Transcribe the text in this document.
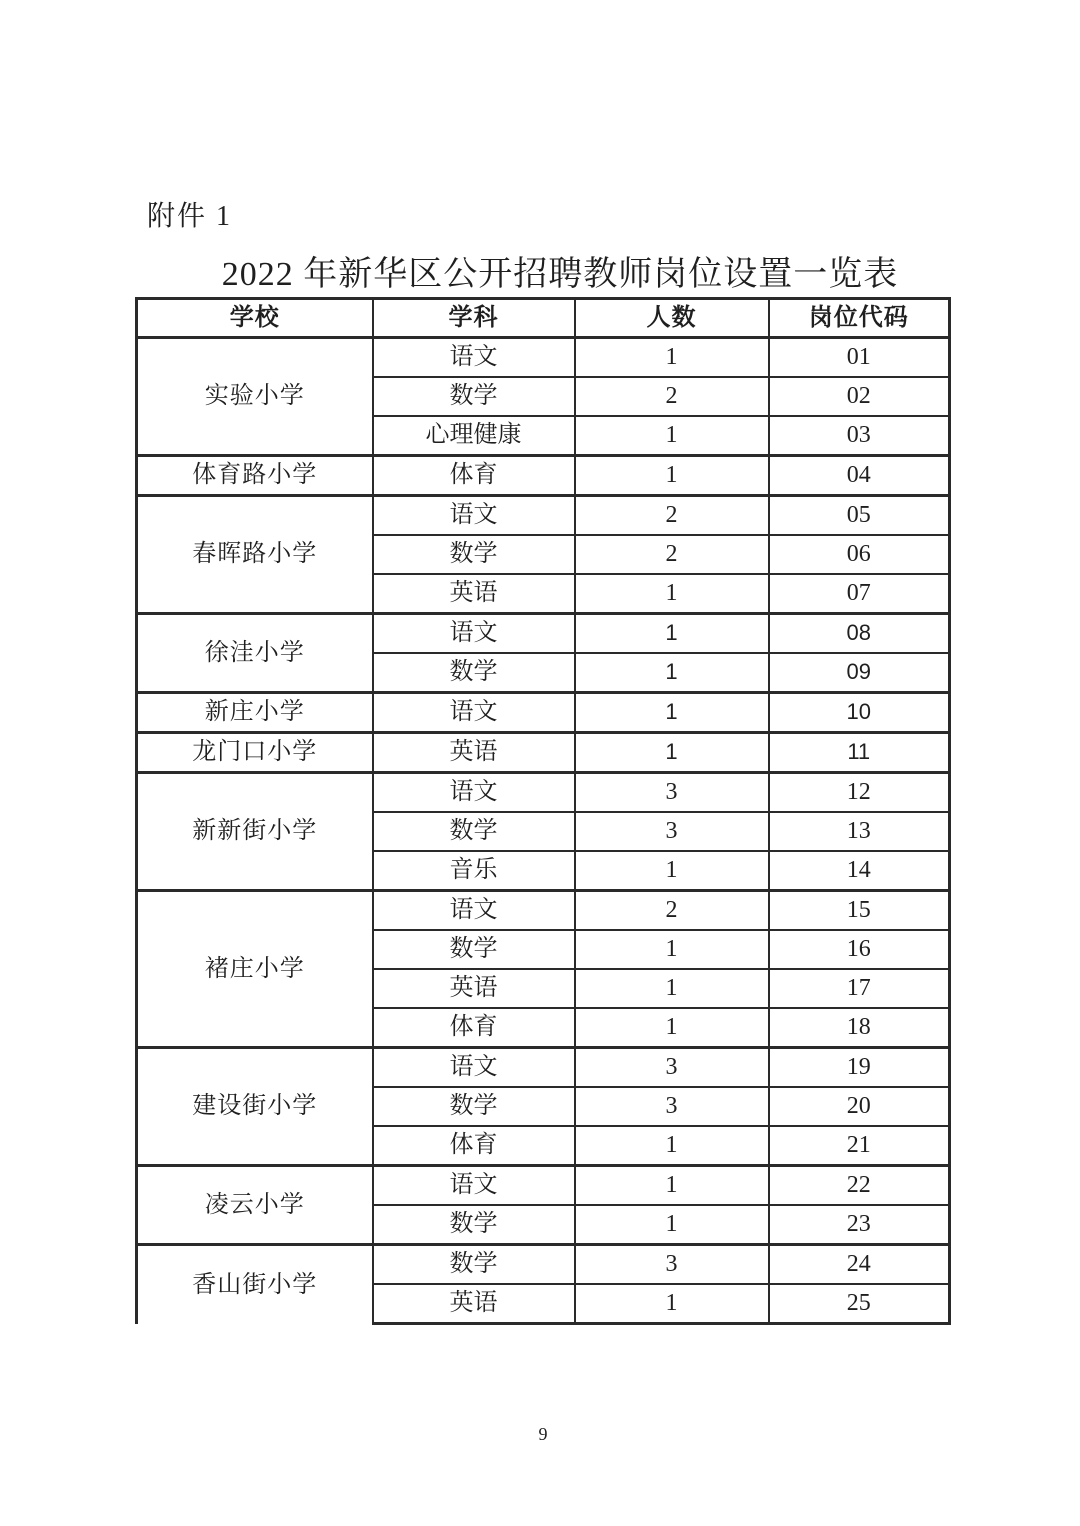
附件 1
2022 年新华区公开招聘教师岗位设置一览表
学校	学科	人数	岗位代码
实验小学	语文	1	01
	数学	2	02
	心理健康	1	03
体育路小学	体育	1	04
春晖路小学	语文	2	05
	数学	2	06
	英语	1	07
徐洼小学	语文	1	08
	数学	1	09
新庄小学	语文	1	10
龙门口小学	英语	1	11
新新街小学	语文	3	12
	数学	3	13
	音乐	1	14
褚庄小学	语文	2	15
	数学	1	16
	英语	1	17
	体育	1	18
建设街小学	语文	3	19
	数学	3	20
	体育	1	21
凌云小学	语文	1	22
	数学	1	23
香山街小学	数学	3	24
	英语	1	25
9
